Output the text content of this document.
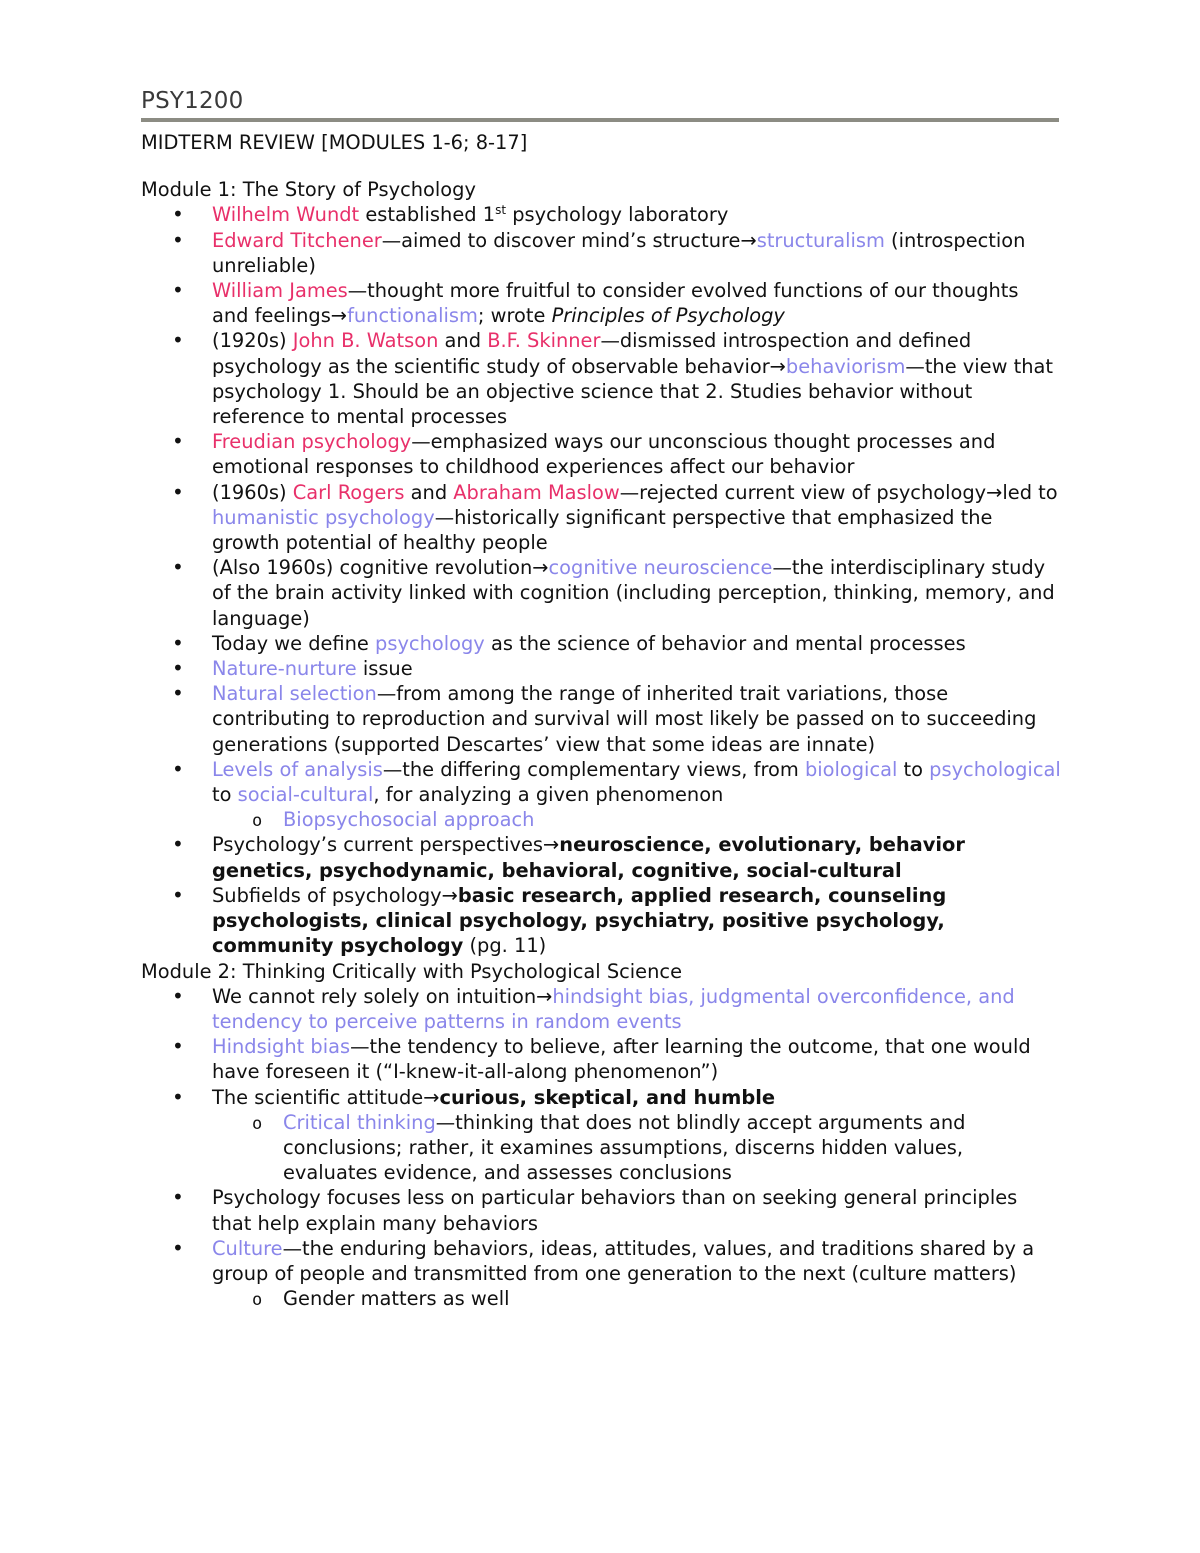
PSY1200

MIDTERM REVIEW [MODULES 1-6; 8-17]

Module 1: The Story of Psychology

• Wilhelm Wundt established 1st psychology laboratory
• Edward Titchener—aimed to discover mind’s structure→structuralism (introspection unreliable)
• William James—thought more fruitful to consider evolved functions of our thoughts and feelings→functionalism; wrote Principles of Psychology
• (1920s) John B. Watson and B.F. Skinner—dismissed introspection and defined psychology as the scientific study of observable behavior→behaviorism—the view that psychology 1. Should be an objective science that 2. Studies behavior without reference to mental processes
• Freudian psychology—emphasized ways our unconscious thought processes and emotional responses to childhood experiences affect our behavior
• (1960s) Carl Rogers and Abraham Maslow—rejected current view of psychology→led to humanistic psychology—historically significant perspective that emphasized the growth potential of healthy people
• (Also 1960s) cognitive revolution→cognitive neuroscience—the interdisciplinary study of the brain activity linked with cognition (including perception, thinking, memory, and language)
• Today we define psychology as the science of behavior and mental processes
• Nature-nurture issue
• Natural selection—from among the range of inherited trait variations, those contributing to reproduction and survival will most likely be passed on to succeeding generations (supported Descartes’ view that some ideas are innate)
• Levels of analysis—the differing complementary views, from biological to psychological to social-cultural, for analyzing a given phenomenon
o Biopsychosocial approach
• Psychology’s current perspectives→neuroscience, evolutionary, behavior genetics, psychodynamic, behavioral, cognitive, social-cultural
• Subfields of psychology→basic research, applied research, counseling psychologists, clinical psychology, psychiatry, positive psychology, community psychology (pg. 11)

Module 2: Thinking Critically with Psychological Science

• We cannot rely solely on intuition→hindsight bias, judgmental overconfidence, and tendency to perceive patterns in random events
• Hindsight bias—the tendency to believe, after learning the outcome, that one would have foreseen it (“I-knew-it-all-along phenomenon”)
• The scientific attitude→curious, skeptical, and humble
o Critical thinking—thinking that does not blindly accept arguments and conclusions; rather, it examines assumptions, discerns hidden values, evaluates evidence, and assesses conclusions
• Psychology focuses less on particular behaviors than on seeking general principles that help explain many behaviors
• Culture—the enduring behaviors, ideas, attitudes, values, and traditions shared by a group of people and transmitted from one generation to the next (culture matters)
o Gender matters as well
